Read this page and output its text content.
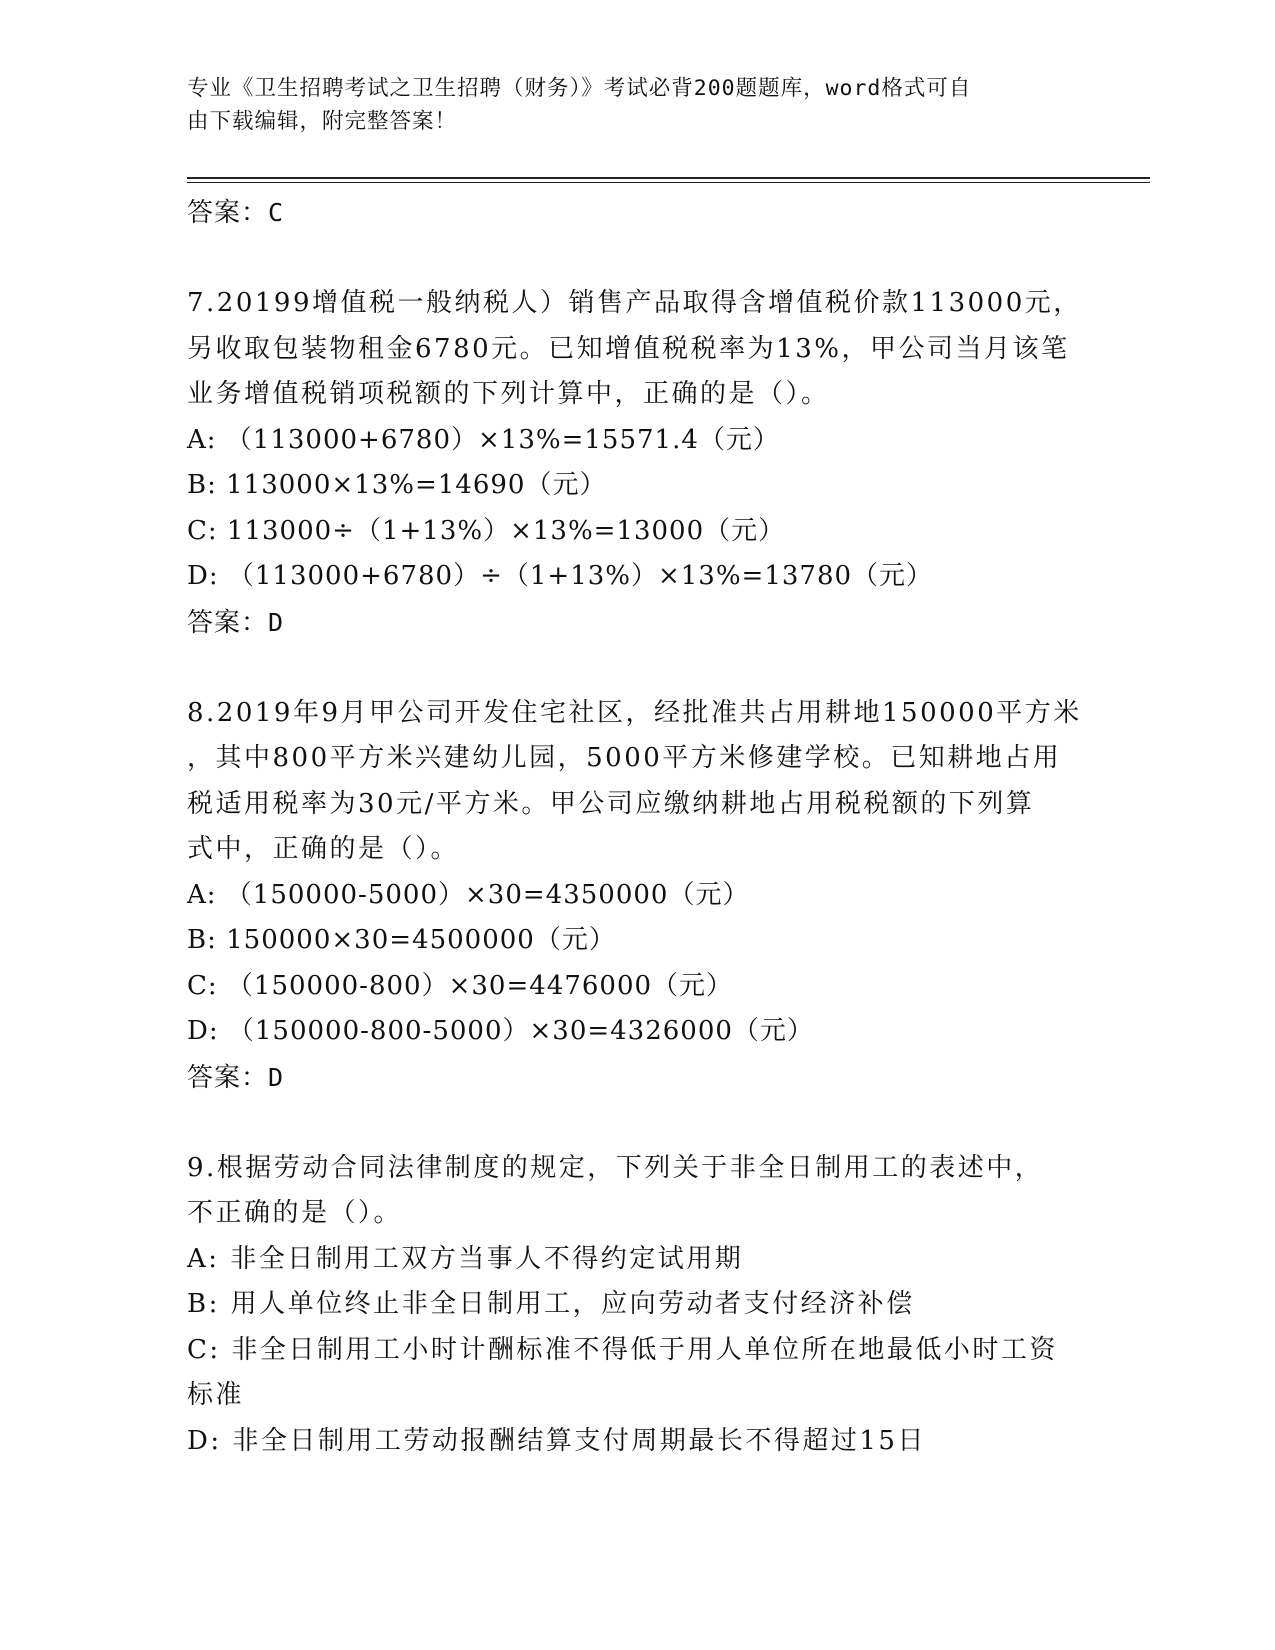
专业《卫生招聘考试之卫生招聘（财务）》考试必背200题题库，word格式可自
由下载编辑，附完整答案！
答案：C
7.20199增值税一般纳税人）销售产品取得含增值税价款113000元，
另收取包装物租金6780元。已知增值税税率为13%，甲公司当月该笔
业务增值税销项税额的下列计算中，正确的是（）。
A: （113000+6780）×13%=15571.4（元）
B: 113000×13%=14690（元）
C: 113000÷（1+13%）×13%=13000（元）
D: （113000+6780）÷（1+13%）×13%=13780（元）
答案：D
8.2019年9月甲公司开发住宅社区，经批准共占用耕地150000平方米
，其中800平方米兴建幼儿园，5000平方米修建学校。已知耕地占用
税适用税率为30元/平方米。甲公司应缴纳耕地占用税税额的下列算
式中，正确的是（）。
A: （150000-5000）×30=4350000（元）
B: 150000×30=4500000（元）
C: （150000-800）×30=4476000（元）
D: （150000-800-5000）×30=4326000（元）
答案：D
9.根据劳动合同法律制度的规定，下列关于非全日制用工的表述中，
不正确的是（）。
A: 非全日制用工双方当事人不得约定试用期
B: 用人单位终止非全日制用工，应向劳动者支付经济补偿
C: 非全日制用工小时计酬标准不得低于用人单位所在地最低小时工资
标准
D: 非全日制用工劳动报酬结算支付周期最长不得超过15日
